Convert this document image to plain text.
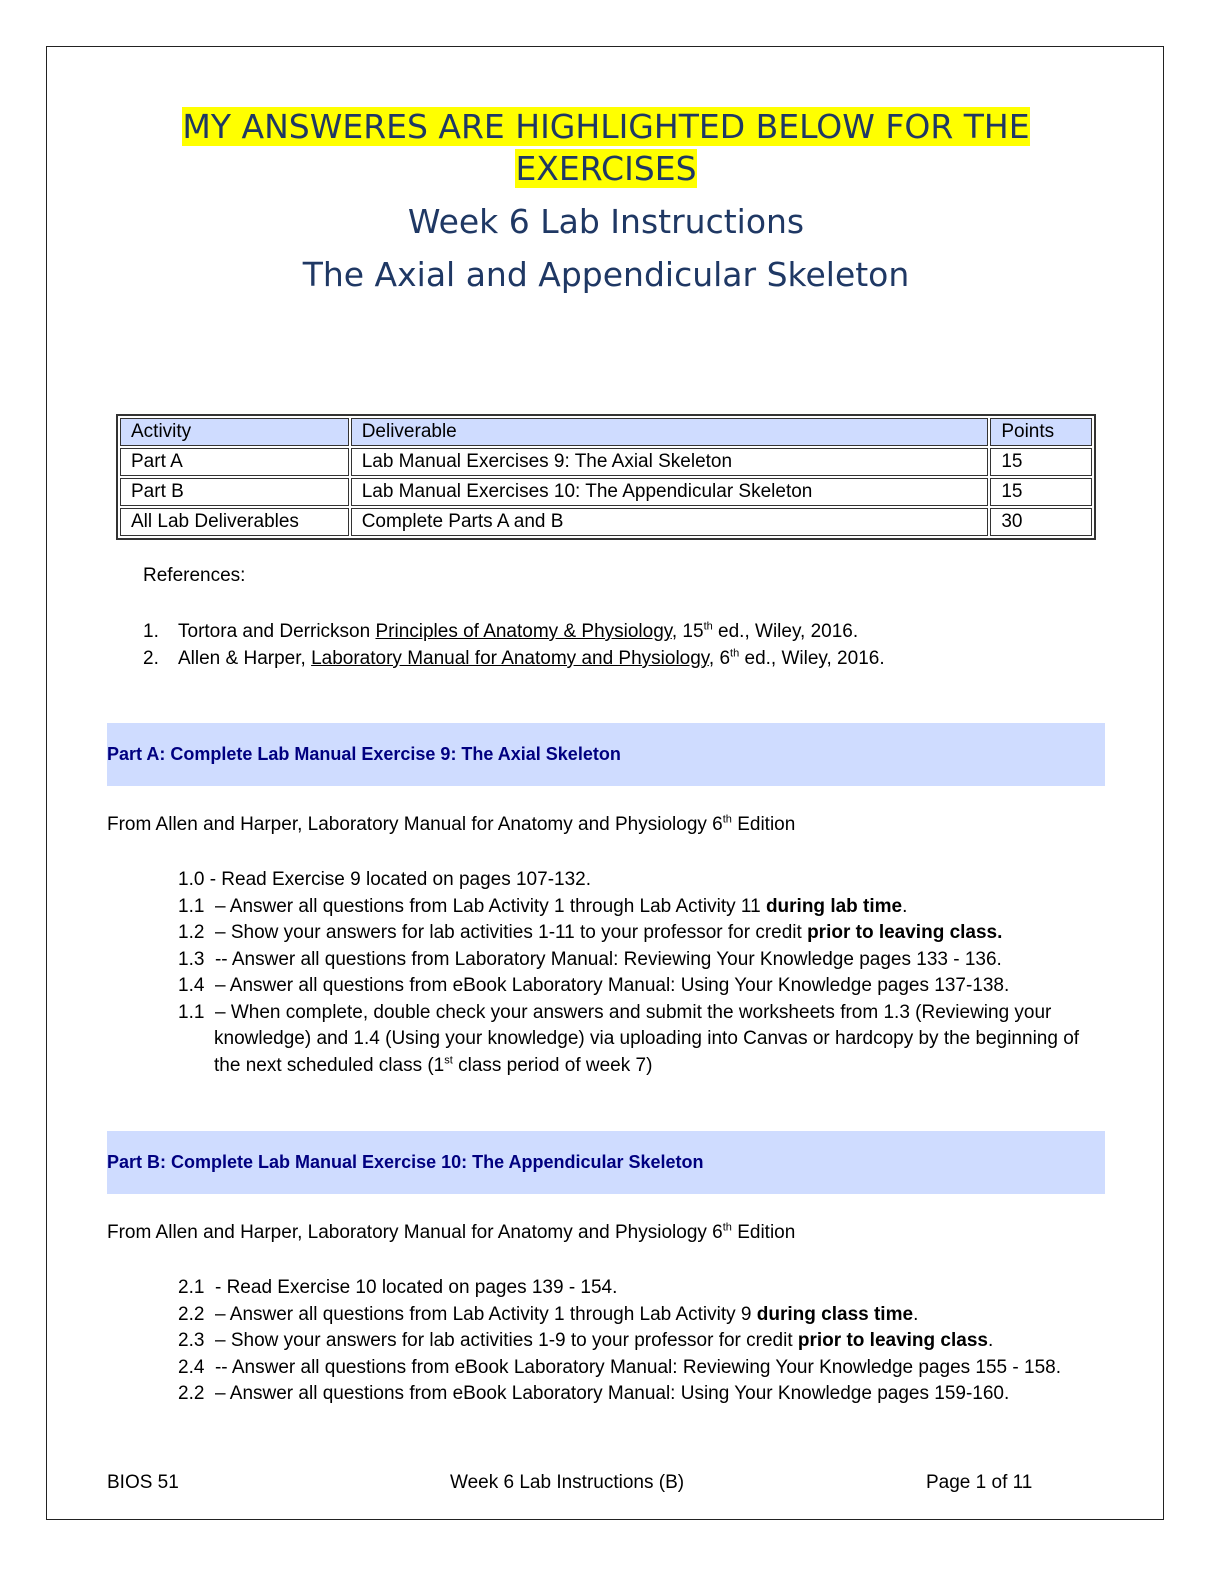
MY ANSWERES ARE HIGHLIGHTED BELOW FOR THE
EXERCISES
Week 6 Lab Instructions
The Axial and Appendicular Skeleton
Activity	Deliverable	Points
Part A	Lab Manual Exercises 9: The Axial Skeleton	15
Part B	Lab Manual Exercises 10: The Appendicular Skeleton	15
All Lab Deliverables	Complete Parts A and B	30
References:
1. Tortora and Derrickson Principles of Anatomy & Physiology, 15th ed., Wiley, 2016.
2. Allen & Harper, Laboratory Manual for Anatomy and Physiology, 6th ed., Wiley, 2016.
Part A: Complete Lab Manual Exercise 9: The Axial Skeleton
From Allen and Harper, Laboratory Manual for Anatomy and Physiology 6th Edition
1.0 - Read Exercise 9 located on pages 107-132.
1.1 – Answer all questions from Lab Activity 1 through Lab Activity 11 during lab time.
1.2 – Show your answers for lab activities 1-11 to your professor for credit prior to leaving class.
1.3 -- Answer all questions from Laboratory Manual: Reviewing Your Knowledge pages 133 - 136.
1.4 – Answer all questions from eBook Laboratory Manual: Using Your Knowledge pages 137-138.
1.1  – When complete, double check your answers and submit the worksheets from 1.3 (Reviewing your knowledge) and 1.4 (Using your knowledge) via uploading into Canvas or hardcopy by the beginning of the next scheduled class (1st class period of week 7)
Part B: Complete Lab Manual Exercise 10: The Appendicular Skeleton
From Allen and Harper, Laboratory Manual for Anatomy and Physiology 6th Edition
2.1 - Read Exercise 10 located on pages 139 - 154.
2.2 – Answer all questions from Lab Activity 1 through Lab Activity 9 during class time.
2.3 – Show your answers for lab activities 1-9 to your professor for credit prior to leaving class.
2.4 -- Answer all questions from eBook Laboratory Manual: Reviewing Your Knowledge pages 155 - 158.
2.2 – Answer all questions from eBook Laboratory Manual: Using Your Knowledge pages 159-160.
BIOS 51	Week 6 Lab Instructions (B)	Page 1 of 11
